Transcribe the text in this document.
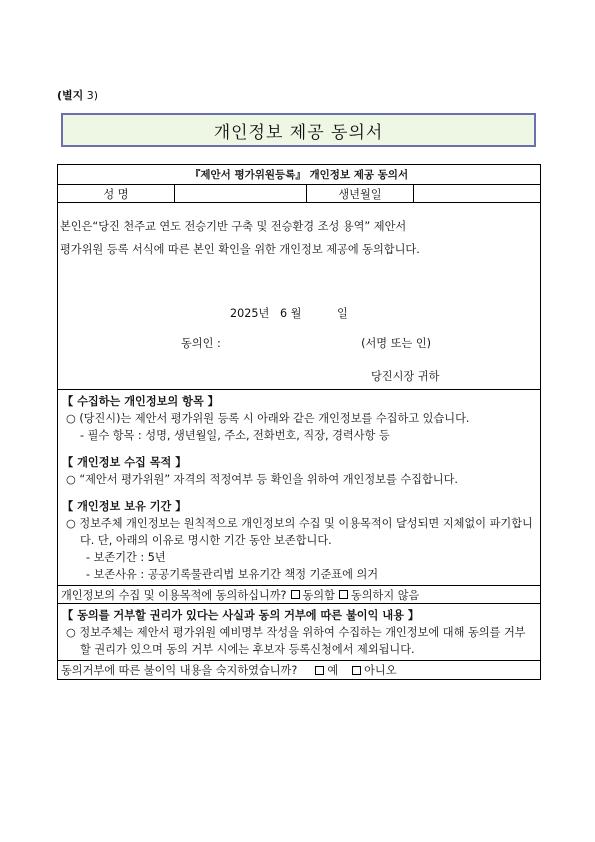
(별지 3)
개인정보 제공 동의서
『제안서 평가위원등록』 개인정보 제공 동의서
성 명	생년월일
본인은“당진 천주교 연도 전승기반 구축 및 전승환경 조성 용역” 제안서
평가위원 등록 서식에 따른 본인 확인을 위한 개인정보 제공에 동의합니다.
2025년   6 월          일
동의인 :	(서명 또는 인)
당진시장 귀하
【 수집하는 개인정보의 항목 】
○ (당진시)는 제안서 평가위원 등록 시 아래와 같은 개인정보를 수집하고 있습니다.
- 필수 항목 : 성명, 생년월일, 주소, 전화번호, 직장, 경력사항 등
【 개인정보 수집 목적 】
○ “제안서 평가위원” 자격의 적정여부 등 확인을 위하여 개인정보를 수집합니다.
【 개인정보 보유 기간 】
○ 정보주체 개인정보는 원칙적으로 개인정보의 수집 및 이용목적이 달성되면 지체없이 파기합니다. 단, 아래의 이유로 명시한 기간 동안 보존합니다.
- 보존기간 : 5년
- 보존사유 : 공공기록물관리법 보유기간 책정 기준표에 의거
개인정보의 수집 및 이용목적에 동의하십니까? 동의함 동의하지 않음
【 동의를 거부할 권리가 있다는 사실과 동의 거부에 따른 불이익 내용 】
○ 정보주체는 제안서 평가위원 예비명부 작성을 위하여 수집하는 개인정보에 대해 동의를 거부할 권리가 있으며 동의 거부 시에는 후보자 등록신청에서 제외됩니다.
동의거부에 따른 불이익 내용을 숙지하였습니까?	예 아니오
